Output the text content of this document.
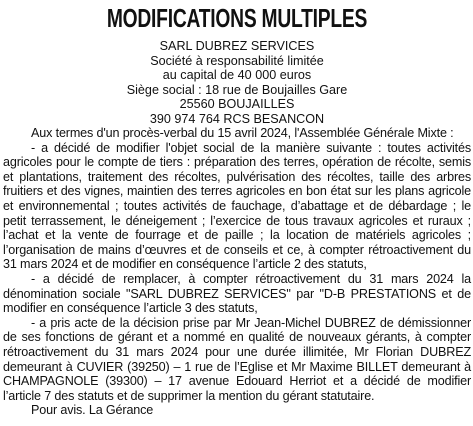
MODIFICATIONS MULTIPLES
SARL DUBREZ SERVICES
Société à responsabilité limitée
au capital de 40 000 euros
Siège social : 18 rue de Boujailles Gare
25560 BOUJAILLES
390 974 764 RCS BESANCON

Aux termes d'un procès-verbal du 15 avril 2024, l'Assemblée Générale Mixte :

- a décidé de modifier l'objet social de la manière suivante : toutes activités agricoles pour le compte de tiers : préparation des terres, opération de récolte, semis et plantations, traitement des récoltes, pulvérisation des récoltes, taille des arbres fruitiers et des vignes, maintien des terres agricoles en bon état sur les plans agricole et environnemental ; toutes activités de fauchage, d’abattage et de débardage ; le petit terrassement, le déneigement ; l’exercice de tous travaux agricoles et ruraux ; l’achat et la vente de fourrage et de paille ; la location de matériels agricoles ; l’organisation de mains d’œuvres et de conseils et ce, à compter rétroactivement du 31 mars 2024 et de modifier en conséquence l’article 2 des statuts,

- a décidé de remplacer, à compter rétroactivement du 31 mars 2024 la dénomination sociale "SARL DUBREZ SERVICES" par "D-B PRESTATIONS et de modifier en conséquence l’article 3 des statuts,

- a pris acte de la décision prise par Mr Jean-Michel DUBREZ de démissionner de ses fonctions de gérant et a nommé en qualité de nouveaux gérants, à compter rétroactivement du 31 mars 2024 pour une durée illimitée, Mr Florian DUBREZ demeurant à CUVIER (39250) – 1 rue de l’Eglise et Mr Maxime BILLET demeurant à CHAMPAGNOLE (39300) – 17 avenue Edouard Herriot et a décidé de modifier l’article 7 des statuts et de supprimer la mention du gérant statutaire.

Pour avis. La Gérance
